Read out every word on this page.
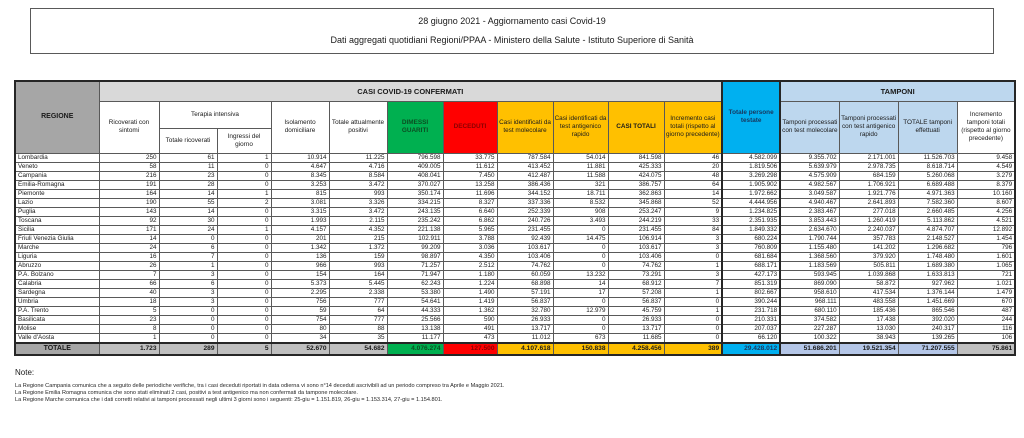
28 giugno 2021 - Aggiornamento casi Covid-19
Dati aggregati quotidiani Regioni/PPAA - Ministero della Salute - Istituto Superiore di Sanità
REGIONE	CASI COVID-19 CONFERMATI											Totale persone testate	TAMPONI			
	Ricoverati con sintomi	Terapia intensiva		Isolamento domiciliare	Totale attualmente positivi	DIMESSI GUARITI	DECEDUTI	Casi identificati da test molecolare	Casi identificati da test antigenico rapido	CASI TOTALI	Incremento casi totali (rispetto al giorno precedente)		Tamponi processati con test molecolare	Tamponi processati con test antigenico rapido	TOTALE tamponi effettuati	Incremento tamponi totali (rispetto al giorno precedente)
		Totale ricoverati	Ingressi del giorno													
Lombardia	250	61	1	10.914	11.225	796.598	33.775	787.584	54.014	841.598	46	4.582.099	9.355.702	2.171.001	11.526.703	9.458
Veneto	58	11	0	4.647	4.716	409.005	11.612	413.452	11.881	425.333	20	1.819.506	5.639.979	2.978.735	8.618.714	4.549
Campania	216	23	0	8.345	8.584	408.041	7.450	412.487	11.588	424.075	48	3.269.298	4.575.909	684.159	5.260.068	3.279
Emilia-Romagna	191	28	0	3.253	3.472	370.027	13.258	386.436	321	386.757	64	1.905.902	4.982.567	1.706.921	6.689.488	8.379
Piemonte	164	14	1	815	993	350.174	11.696	344.152	18.711	362.863	14	1.972.662	3.049.587	1.921.776	4.971.363	10.160
Lazio	190	55	2	3.081	3.326	334.215	8.327	337.336	8.532	345.868	52	4.444.956	4.940.467	2.641.893	7.582.360	8.607
Puglia	143	14	0	3.315	3.472	243.135	6.640	252.339	908	253.247	9	1.234.825	2.383.467	277.018	2.660.485	4.256
Toscana	92	30	0	1.993	2.115	235.242	6.862	240.726	3.493	244.219	33	2.351.935	3.853.443	1.260.419	5.113.862	4.521
Sicilia	171	24	1	4.157	4.352	221.138	5.965	231.455	0	231.455	84	1.849.332	2.634.670	2.240.037	4.874.707	12.892
Friuli Venezia Giulia	14	0	0	201	215	102.911	3.788	92.439	14.475	106.914	3	680.224	1.790.744	357.783	2.148.527	1.454
Marche	24	6	0	1.342	1.372	99.209	3.036	103.617	0	103.617	3	760.809	1.155.480	141.202	1.296.682	796
Liguria	16	7	0	136	159	98.897	4.350	103.406	0	103.406	0	681.684	1.368.560	379.920	1.748.480	1.601
Abruzzo	26	1	0	966	993	71.257	2.512	74.762	0	74.762	1	688.171	1.183.569	505.811	1.689.380	1.065
P.A. Bolzano	7	3	0	154	164	71.947	1.180	60.059	13.232	73.291	3	427.173	593.945	1.039.868	1.633.813	721
Calabria	66	6	0	5.373	5.445	62.243	1.224	68.898	14	68.912	7	851.319	869.090	58.872	927.962	1.021
Sardegna	40	3	0	2.295	2.338	53.380	1.490	57.191	17	57.208	1	802.667	958.610	417.534	1.376.144	1.479
Umbria	18	3	0	756	777	54.641	1.419	56.837	0	56.837	0	390.244	968.111	483.558	1.451.669	670
P.A. Trento	5	0	0	59	64	44.333	1.362	32.780	12.979	45.759	1	231.718	680.110	185.436	865.546	487
Basilicata	23	0	0	754	777	25.566	590	26.933	0	26.933	0	210.331	374.582	17.438	392.020	244
Molise	8	0	0	80	88	13.138	491	13.717	0	13.717	0	207.037	227.287	13.030	240.317	116
Valle d'Aosta	1	0	0	34	35	11.177	473	11.012	673	11.685	0	66.120	100.322	38.943	139.265	106
TOTALE	1.723	289	5	52.670	54.682	4.076.274	127.500	4.107.618	150.838	4.258.456	389	29.428.012	51.686.201	19.521.354	71.207.555	75.861
Note:
La Regione Campania comunica che a seguito delle periodiche verifiche, tra i casi deceduti riportati in data odierna vi sono n°14 deceduti ascrivibili ad un periodo compreso tra Aprile e Maggio 2021.
La Regione Emilia Romagna comunica che sono stati eliminati 2 casi, positivi a test antigenico ma non confermati da tampone molecolare.
La Regione Marche comunica che i dati corretti relativi ai tamponi processati negli ultimi 3 giorni sono i seguenti: 25-giu = 1.151.819, 26-giu = 1.153.314, 27-giu = 1.154.801.
